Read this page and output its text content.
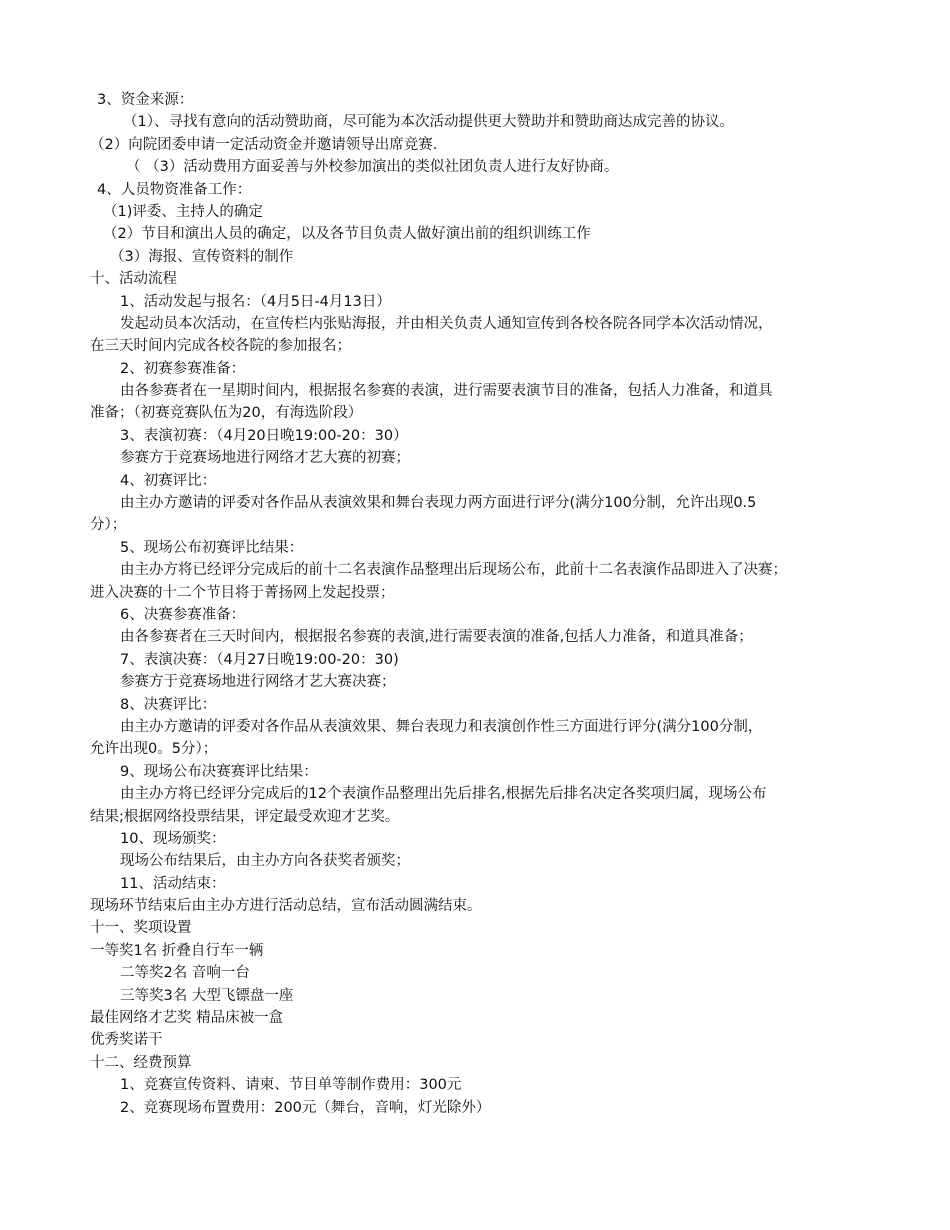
3、资金来源：
（1）、寻找有意向的活动赞助商，尽可能为本次活动提供更大赞助并和赞助商达成完善的协议。
（2）向院团委申请一定活动资金并邀请领导出席竞赛.
（ （3）活动费用方面妥善与外校参加演出的类似社团负责人进行友好协商。
4、人员物资准备工作：
（1)评委、主持人的确定
（2）节目和演出人员的确定，以及各节目负责人做好演出前的组织训练工作
（3）海报、宣传资料的制作
十、活动流程
1、活动发起与报名：（4月5日-4月13日）
发起动员本次活动，在宣传栏内张贴海报，并由相关负责人通知宣传到各校各院各同学本次活动情况，
在三天时间内完成各校各院的参加报名；
2、初赛参赛准备：
由各参赛者在一星期时间内，根据报名参赛的表演，进行需要表演节目的准备，包括人力准备，和道具
准备；（初赛竞赛队伍为20，有海选阶段）
3、表演初赛：（4月20日晚19:00-20：30）
参赛方于竞赛场地进行网络才艺大赛的初赛；
4、初赛评比：
由主办方邀请的评委对各作品从表演效果和舞台表现力两方面进行评分(满分100分制，允许出现0.5
分）；
5、现场公布初赛评比结果：
由主办方将已经评分完成后的前十二名表演作品整理出后现场公布，此前十二名表演作品即进入了决赛；
进入决赛的十二个节目将于菁扬网上发起投票；
6、决赛参赛准备：
由各参赛者在三天时间内，根据报名参赛的表演,进行需要表演的准备,包括人力准备，和道具准备；
7、表演决赛：（4月27日晚19:00-20：30)
参赛方于竞赛场地进行网络才艺大赛决赛；
8、决赛评比：
由主办方邀请的评委对各作品从表演效果、舞台表现力和表演创作性三方面进行评分(满分100分制，
允许出现0。5分）；
9、现场公布决赛赛评比结果：
由主办方将已经评分完成后的12个表演作品整理出先后排名,根据先后排名决定各奖项归属，现场公布
结果;根据网络投票结果，评定最受欢迎才艺奖。
10、现场颁奖：
现场公布结果后，由主办方向各获奖者颁奖；
11、活动结束：
现场环节结束后由主办方进行活动总结，宣布活动圆满结束。
十一、奖项设置
一等奖1名 折叠自行车一辆
二等奖2名 音响一台
三等奖3名 大型飞镖盘一座
最佳网络才艺奖 精品床被一盒
优秀奖诺干
十二、经费预算
1、竞赛宣传资料、请柬、节目单等制作费用：300元
2、竞赛现场布置费用：200元（舞台，音响，灯光除外）
